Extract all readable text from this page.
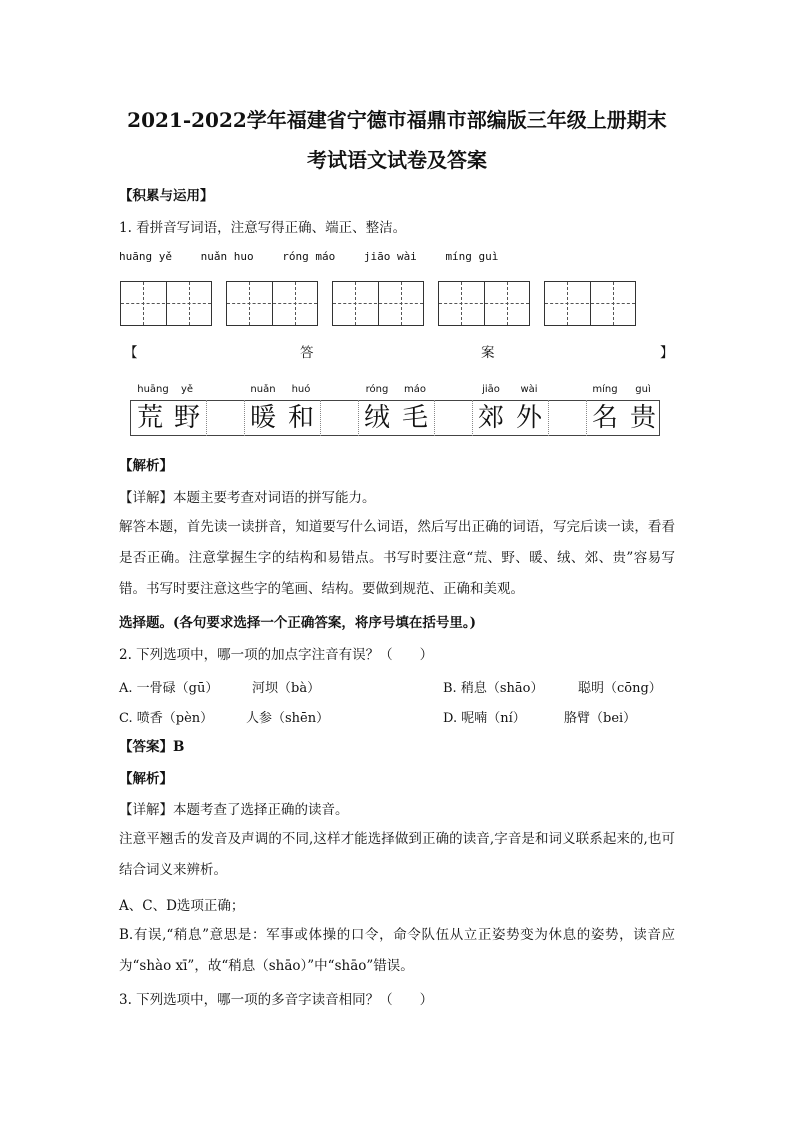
2021-2022学年福建省宁德市福鼎市部编版三年级上册期末
考试语文试卷及答案
【积累与运用】
1. 看拼音写词语，注意写得正确、端正、整洁。
huāng yě	nuǎn huo	róng máo	jiāo wài	míng guì
【	答	案	】
huāng	yě	nuǎn	huó	róng	máo	jiāo	wài	míng	guì
荒 野 暖 和 绒 毛 郊 外 名 贵
【解析】
【详解】本题主要考查对词语的拼写能力。
解答本题，首先读一读拼音，知道要写什么词语，然后写出正确的词语，写完后读一读，看看是否正确。注意掌握生字的结构和易错点。书写时要注意“荒、野、暖、绒、郊、贵”容易写错。书写时要注意这些字的笔画、结构。要做到规范、正确和美观。
选择题。(各句要求选择一个正确答案，将序号填在括号里。)
2. 下列选项中，哪一项的加点字注音有误？（　　）
A. 一骨碌（gū）	河坝（bà）	B. 稍息（shāo）	聪明（cōng）
C. 喷香（pèn）	人参（shēn）	D. 呢喃（ní）	胳臂（bei）
【答案】B
【解析】
【详解】本题考查了选择正确的读音。
注意平翘舌的发音及声调的不同,这样才能选择做到正确的读音,字音是和词义联系起来的,也可结合词义来辨析。
A、C、D选项正确；
B.有误,“稍息”意思是：军事或体操的口令，命令队伍从立正姿势变为休息的姿势，读音应为“shào xī”，故“稍息（shāo）”中“shāo”错误。
3. 下列选项中，哪一项的多音字读音相同？（　　）
